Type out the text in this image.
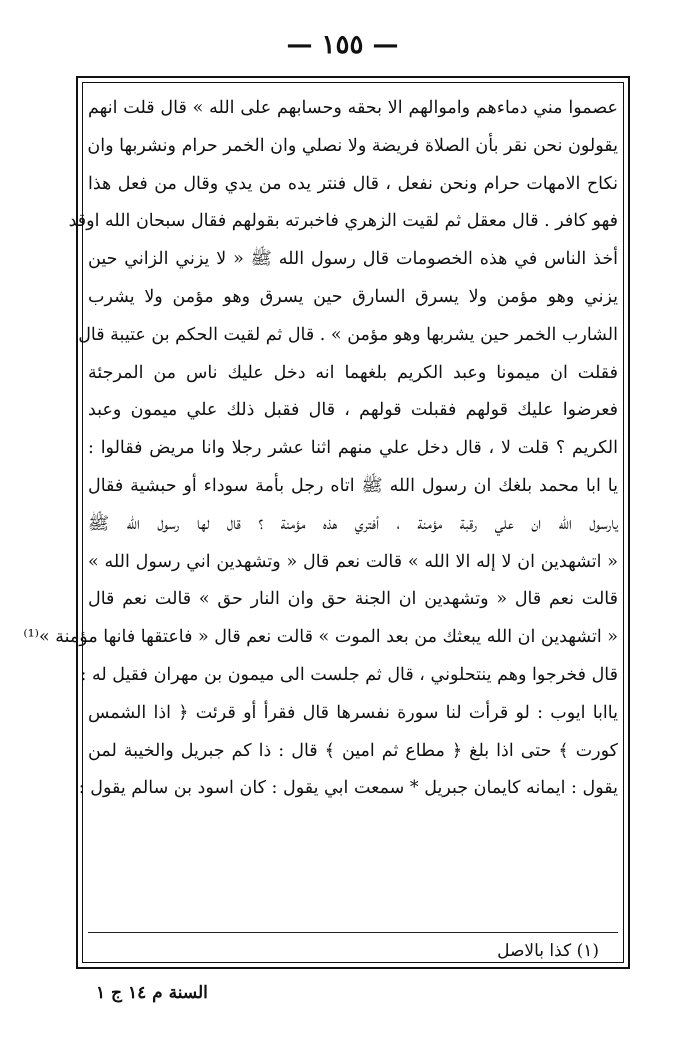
— ١٥٥ —
عصموا مني دماءهم واموالهم الا بحقه وحسابهم على الله » قال قلت انهم
يقولون نحن نقر بأن الصلاة فريضة ولا نصلي وان الخمر حرام ونشربها وان
نكاح الامهات حرام ونحن نفعل ، قال فنتر يده من يدي وقال من فعل هذا
فهو كافر . قال معقل ثم لقيت الزهري فاخبرته بقولهم فقال سبحان الله اوقد
أخذ الناس في هذه الخصومات قال رسول الله ﷺ « لا يزني الزاني حين
يزني وهو مؤمن ولا يسرق السارق حين يسرق وهو مؤمن ولا يشرب
الشارب الخمر حين يشربها وهو مؤمن » . قال ثم لقيت الحكم بن عتيبة قال
فقلت ان ميمونا وعبد الكريم بلغهما انه دخل عليك ناس من المرجئة
فعرضوا عليك قولهم فقبلت قولهم ، قال فقبل ذلك علي ميمون وعبد
الكريم ؟ قلت لا ، قال دخل علي منهم اثنا عشر رجلا وانا مريض فقالوا :
يا ابا محمد بلغك ان رسول الله ﷺ اتاه رجل بأمة سوداء أو حبشية فقال
يارسول الله ان علي رقبة مؤمنة ، أفتري هذه مؤمنة ؟ قال لها رسول الله ﷺ
« اتشهدين ان لا إله الا الله » قالت نعم قال « وتشهدين اني رسول الله »
قالت نعم قال « وتشهدين ان الجنة حق وان النار حق » قالت نعم قال
« اتشهدين ان الله يبعثك من بعد الموت » قالت نعم قال « فاعتقها فانها مؤمنة »⁽¹⁾
قال فخرجوا وهم ينتحلوني ، قال ثم جلست الى ميمون بن مهران فقيل له :
ياابا ايوب : لو قرأت لنا سورة نفسرها قال فقرأ أو قرئت ﴿ اذا الشمس
كورت ﴾ حتى اذا بلغ ﴿ مطاع ثم امين ﴾ قال : ذا كم جبريل والخيبة لمن
يقول : ايمانه كايمان جبريل * سمعت ابي يقول : كان اسود بن سالم يقول :
(١) كذا بالاصل
السنة م ١٤ ج ١
